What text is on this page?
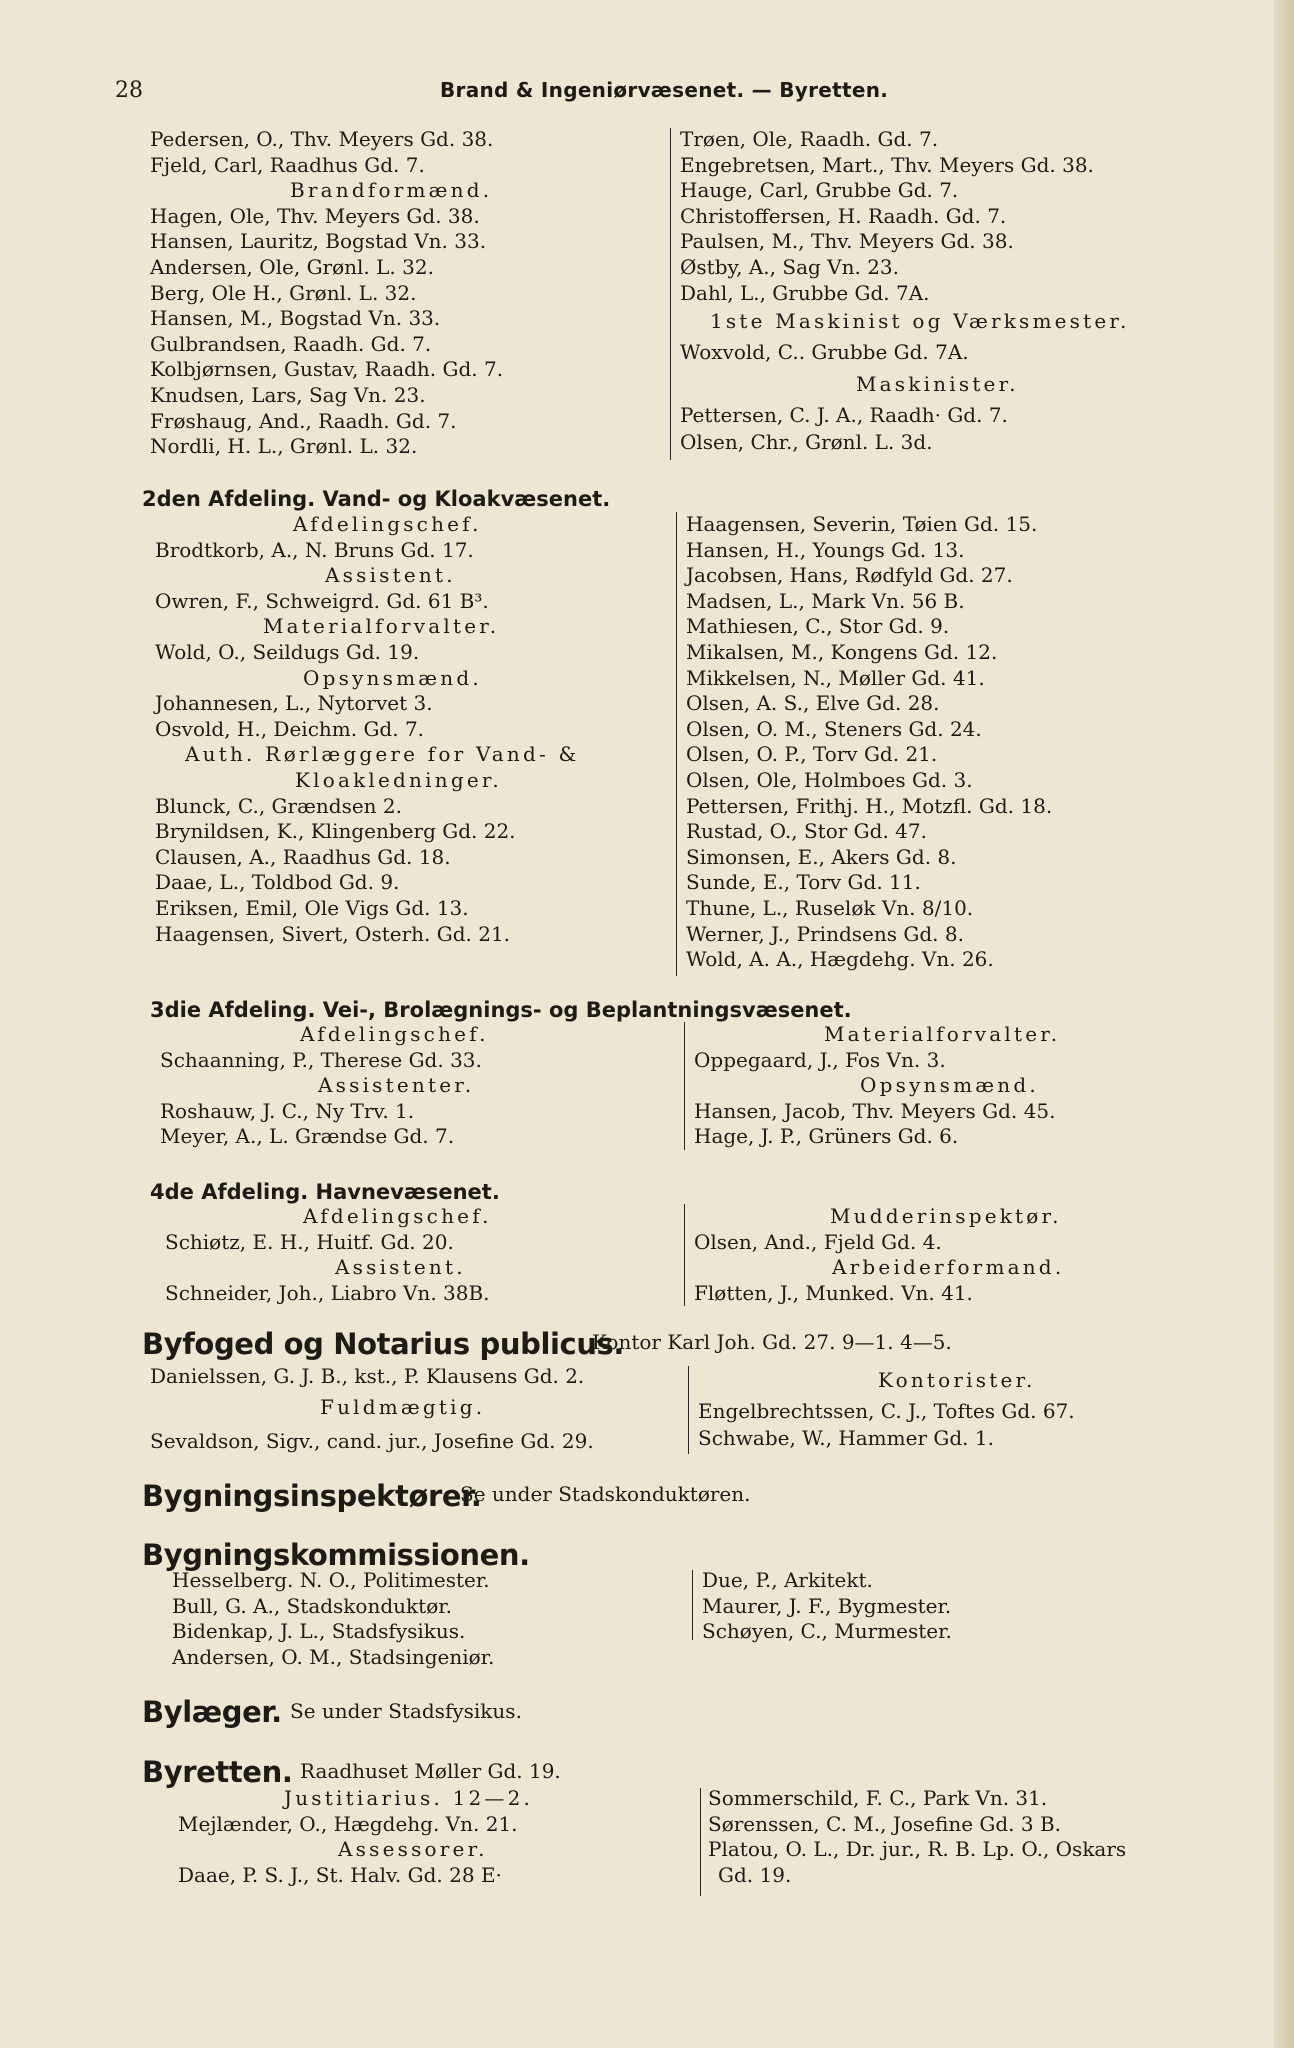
28	Brand & Ingeniørvæsenet. — Byretten.
Pedersen, O., Thv. Meyers Gd. 38.
Fjeld, Carl, Raadhus Gd. 7.
Brandformænd.
Hagen, Ole, Thv. Meyers Gd. 38.
Hansen, Lauritz, Bogstad Vn. 33.
Andersen, Ole, Grønl. L. 32.
Berg, Ole H., Grønl. L. 32.
Hansen, M., Bogstad Vn. 33.
Gulbrandsen, Raadh. Gd. 7.
Kolbjørnsen, Gustav, Raadh. Gd. 7.
Knudsen, Lars, Sag Vn. 23.
Frøshaug, And., Raadh. Gd. 7.
Nordli, H. L., Grønl. L. 32.
Trøen, Ole, Raadh. Gd. 7.
Engebretsen, Mart., Thv. Meyers Gd. 38.
Hauge, Carl, Grubbe Gd. 7.
Christoffersen, H. Raadh. Gd. 7.
Paulsen, M., Thv. Meyers Gd. 38.
Østby, A., Sag Vn. 23.
Dahl, L., Grubbe Gd. 7A.
1ste Maskinist og Værksmester.
Woxvold, C.. Grubbe Gd. 7A.
Maskinister.
Pettersen, C. J. A., Raadh· Gd. 7.
Olsen, Chr., Grønl. L. 3d.
2den Afdeling. Vand- og Kloakvæsenet.
Afdelingschef.
Brodtkorb, A., N. Bruns Gd. 17.
Assistent.
Owren, F., Schweigrd. Gd. 61 B³.
Materialforvalter.
Wold, O., Seildugs Gd. 19.
Opsynsmænd.
Johannesen, L., Nytorvet 3.
Osvold, H., Deichm. Gd. 7.
Auth. Rørlæggere for Vand- &
Kloakledninger.
Blunck, C., Grændsen 2.
Brynildsen, K., Klingenberg Gd. 22.
Clausen, A., Raadhus Gd. 18.
Daae, L., Toldbod Gd. 9.
Eriksen, Emil, Ole Vigs Gd. 13.
Haagensen, Sivert, Osterh. Gd. 21.
Haagensen, Severin, Tøien Gd. 15.
Hansen, H., Youngs Gd. 13.
Jacobsen, Hans, Rødfyld Gd. 27.
Madsen, L., Mark Vn. 56 B.
Mathiesen, C., Stor Gd. 9.
Mikalsen, M., Kongens Gd. 12.
Mikkelsen, N., Møller Gd. 41.
Olsen, A. S., Elve Gd. 28.
Olsen, O. M., Steners Gd. 24.
Olsen, O. P., Torv Gd. 21.
Olsen, Ole, Holmboes Gd. 3.
Pettersen, Frithj. H., Motzfl. Gd. 18.
Rustad, O., Stor Gd. 47.
Simonsen, E., Akers Gd. 8.
Sunde, E., Torv Gd. 11.
Thune, L., Ruseløk Vn. 8/10.
Werner, J., Prindsens Gd. 8.
Wold, A. A., Hægdehg. Vn. 26.
3die Afdeling. Vei-, Brolægnings- og Beplantningsvæsenet.
Afdelingschef.
Schaanning, P., Therese Gd. 33.
Assistenter.
Roshauw, J. C., Ny Trv. 1.
Meyer, A., L. Grændse Gd. 7.
Materialforvalter.
Oppegaard, J., Fos Vn. 3.
Opsynsmænd.
Hansen, Jacob, Thv. Meyers Gd. 45.
Hage, J. P., Grüners Gd. 6.
4de Afdeling. Havnevæsenet.
Afdelingschef.
Schiøtz, E. H., Huitf. Gd. 20.
Assistent.
Schneider, Joh., Liabro Vn. 38B.
Mudderinspektør.
Olsen, And., Fjeld Gd. 4.
Arbeiderformand.
Fløtten, J., Munked. Vn. 41.
Byfoged og Notarius publicus.
Kontor Karl Joh. Gd. 27. 9—1. 4—5.
Danielssen, G. J. B., kst., P. Klausens Gd. 2.
Fuldmægtig.
Sevaldson, Sigv., cand. jur., Josefine Gd. 29.
Kontorister.
Engelbrechtssen, C. J., Toftes Gd. 67.
Schwabe, W., Hammer Gd. 1.
Bygningsinspektører.
Se under Stadskonduktøren.
Bygningskommissionen.
Hesselberg. N. O., Politimester.
Bull, G. A., Stadskonduktør.
Bidenkap, J. L., Stadsfysikus.
Andersen, O. M., Stadsingeniør.
Due, P., Arkitekt.
Maurer, J. F., Bygmester.
Schøyen, C., Murmester.
Bylæger. Se under Stadsfysikus.
Byretten. Raadhuset Møller Gd. 19.
Justitiarius. 12—2.
Mejlænder, O., Hægdehg. Vn. 21.
Assessorer.
Daae, P. S. J., St. Halv. Gd. 28 E·
Sommerschild, F. C., Park Vn. 31.
Sørenssen, C. M., Josefine Gd. 3 B.
Platou, O. L., Dr. jur., R. B. Lp. O., Oskars
Gd. 19.
